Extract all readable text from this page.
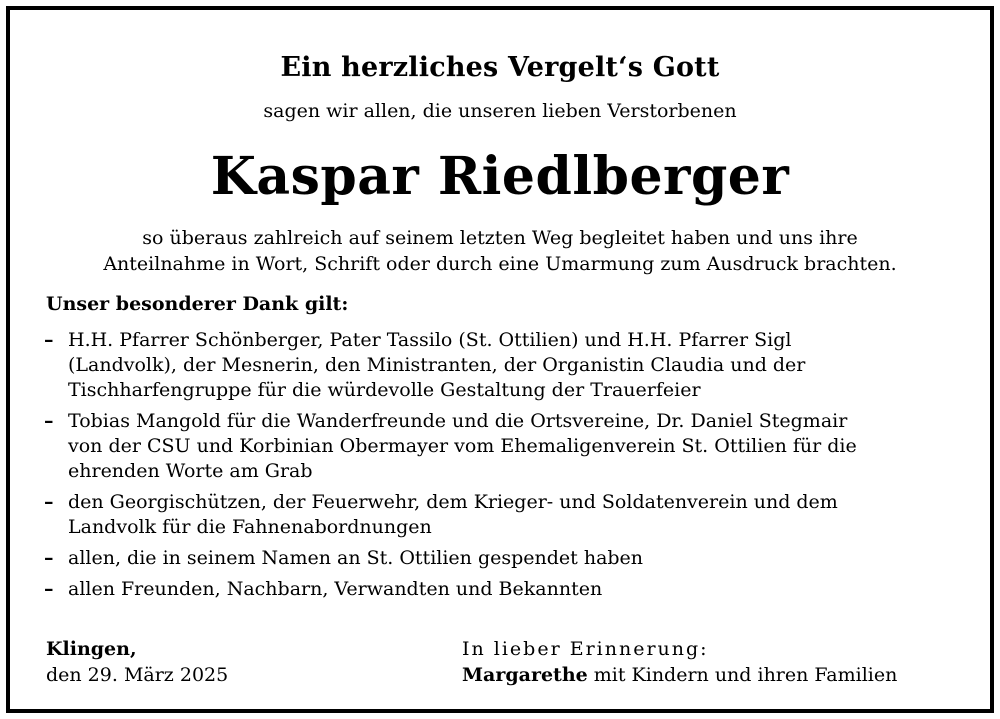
Ein herzliches Vergelt‘s Gott
sagen wir allen, die unseren lieben Verstorbenen
Kaspar Riedlberger
so überaus zahlreich auf seinem letzten Weg begleitet haben und uns ihre
Anteilnahme in Wort, Schrift oder durch eine Umarmung zum Ausdruck brachten.
Unser besonderer Dank gilt:
– H.H. Pfarrer Schönberger, Pater Tassilo (St. Ottilien) und H.H. Pfarrer Sigl
(Landvolk), der Mesnerin, den Ministranten, der Organistin Claudia und der
Tischharfengruppe für die würdevolle Gestaltung der Trauerfeier
– Tobias Mangold für die Wanderfreunde und die Ortsvereine, Dr. Daniel Stegmair
von der CSU und Korbinian Obermayer vom Ehemaligenverein St. Ottilien für die
ehrenden Worte am Grab
– den Georgischützen, der Feuerwehr, dem Krieger- und Soldatenverein und dem
Landvolk für die Fahnenabordnungen
– allen, die in seinem Namen an St. Ottilien gespendet haben
– allen Freunden, Nachbarn, Verwandten und Bekannten
Klingen,
den 29. März 2025
In lieber Erinnerung:
Margarethe mit Kindern und ihren Familien
